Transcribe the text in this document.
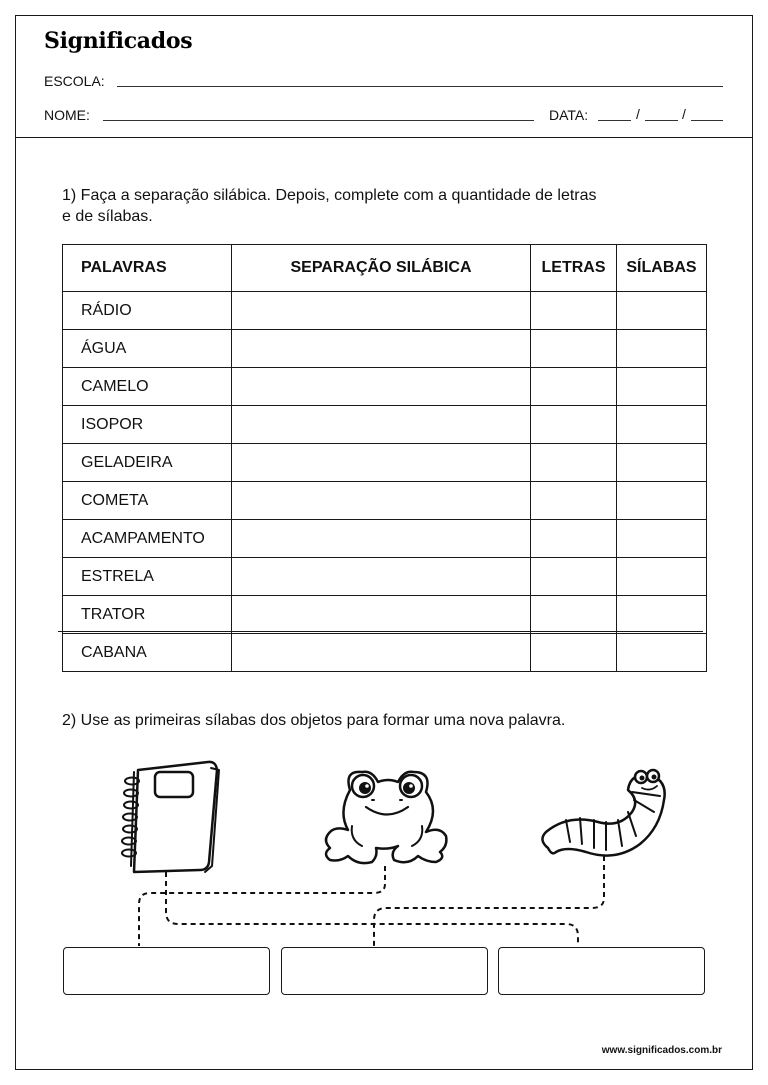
Significados
ESCOLA:
NOME:	DATA:	/	/
1) Faça a separação silábica. Depois, complete com a quantidade de letras
e de sílabas.
PALAVRAS	SEPARAÇÃO SILÁBICA	LETRAS	SÍLABAS
RÁDIO			
ÁGUA			
CAMELO			
ISOPOR			
GELADEIRA			
COMETA			
ACAMPAMENTO			
ESTRELA			
TRATOR			
CABANA			
2) Use as primeiras sílabas dos objetos para formar uma nova palavra.
www.significados.com.br
